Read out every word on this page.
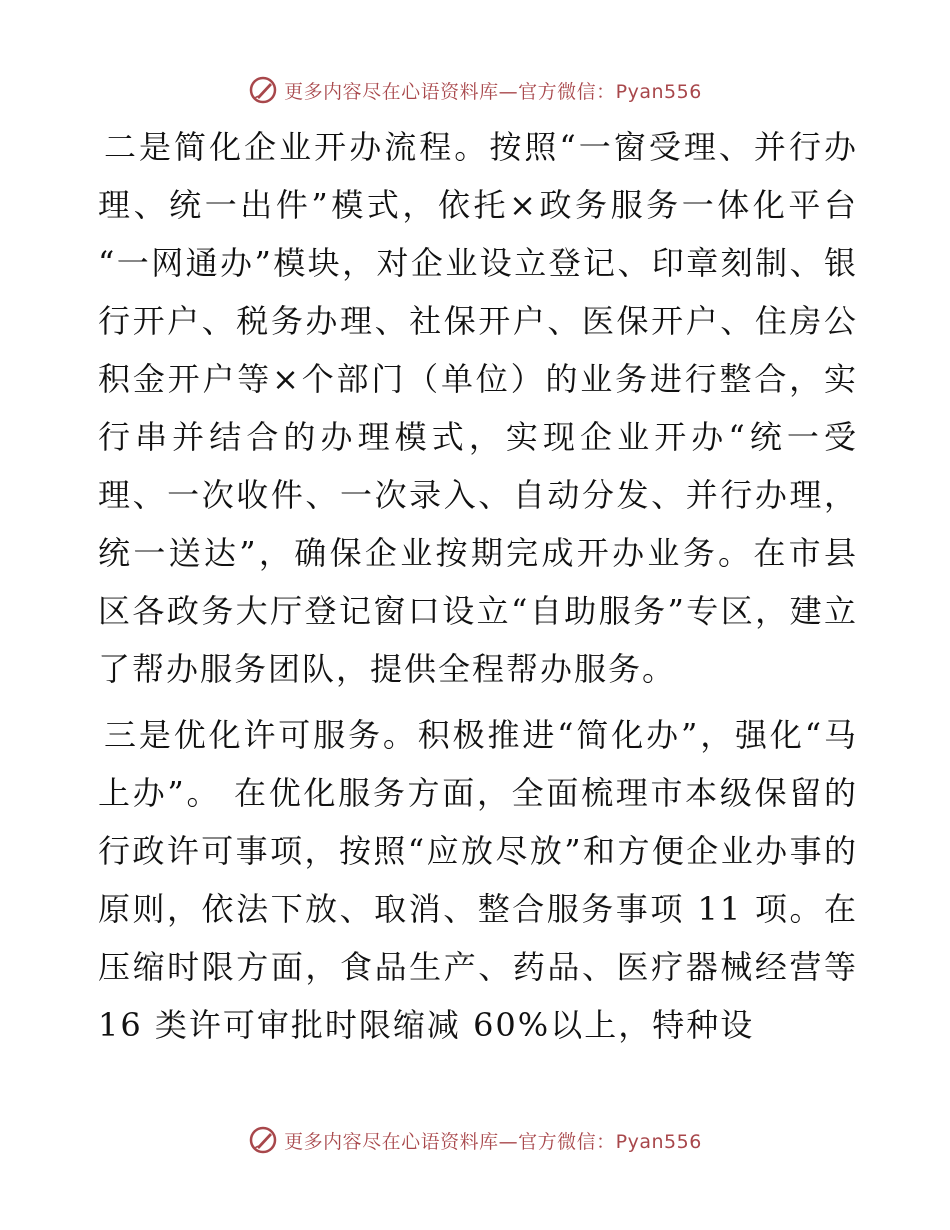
更多内容尽在心语资料库—官方微信：Pyan556

二是简化企业开办流程。按照“一窗受理、并行办理、统一出件”模式，依托×政务服务一体化平台 “一网通办”模块，对企业设立登记、印章刻制、银行开户、税务办理、社保开户、医保开户、住房公积金开户等×个部门（单位）的业务进行整合，实行串并结合的办理模式，实现企业开办“统一受理、一次收件、一次录入、自动分发、并行办理，统一送达”，确保企业按期完成开办业务。在市县区各政务大厅登记窗口设立“自助服务”专区，建立了帮办服务团队，提供全程帮办服务。

三是优化许可服务。积极推进“简化办”，强化“马上办”。 在优化服务方面，全面梳理市本级保留的行政许可事项，按照“应放尽放”和方便企业办事的原则，依法下放、取消、整合服务事项 11 项。在压缩时限方面，食品生产、药品、医疗器械经营等 16 类许可审批时限缩减 60%以上，特种设

更多内容尽在心语资料库—官方微信：Pyan556
